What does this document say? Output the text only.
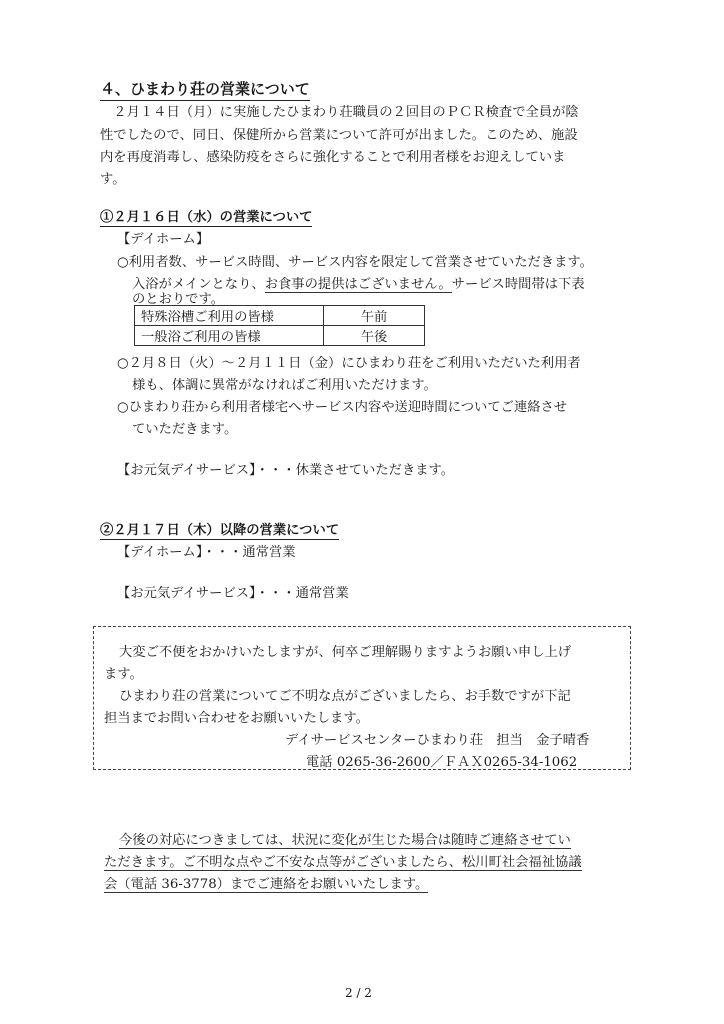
４、ひまわり荘の営業について
　２月１４日（月）に実施したひまわり荘職員の２回目のＰＣＲ検査で全員が陰
性でしたので、同日、保健所から営業について許可が出ました。このため、施設
内を再度消毒し、感染防疫をさらに強化することで利用者様をお迎えしていま
す。
①２月１６日（水）の営業について
【デイホーム】
○利用者数、サービス時間、サービス内容を限定して営業させていただきます。
入浴がメインとなり、お食事の提供はございません。サービス時間帯は下表
のとおりです。
特殊浴槽ご利用の皆様	午前
一般浴ご利用の皆様	午後
○２月８日（火）～２月１１日（金）にひまわり荘をご利用いただいた利用者
様も、体調に異常がなければご利用いただけます。
○ひまわり荘から利用者様宅へサービス内容や送迎時間についてご連絡させ
ていただきます。
【お元気デイサービス】・・・休業させていただきます。
②２月１７日（木）以降の営業について
【デイホーム】・・・通常営業
【お元気デイサービス】・・・通常営業
大変ご不便をおかけいたしますが、何卒ご理解賜りますようお願い申し上げ
ます。
ひまわり荘の営業についてご不明な点がございましたら、お手数ですが下記
担当までお問い合わせをお願いいたします。
デイサービスセンターひまわり荘　担当　金子晴香
電話 0265-36-2600／ＦＡＸ0265-34-1062
今後の対応につきましては、状況に変化が生じた場合は随時ご連絡させてい
ただきます。ご不明な点やご不安な点等がございましたら、松川町社会福祉協議
会（電話 36-3778）までご連絡をお願いいたします。
2 / 2
